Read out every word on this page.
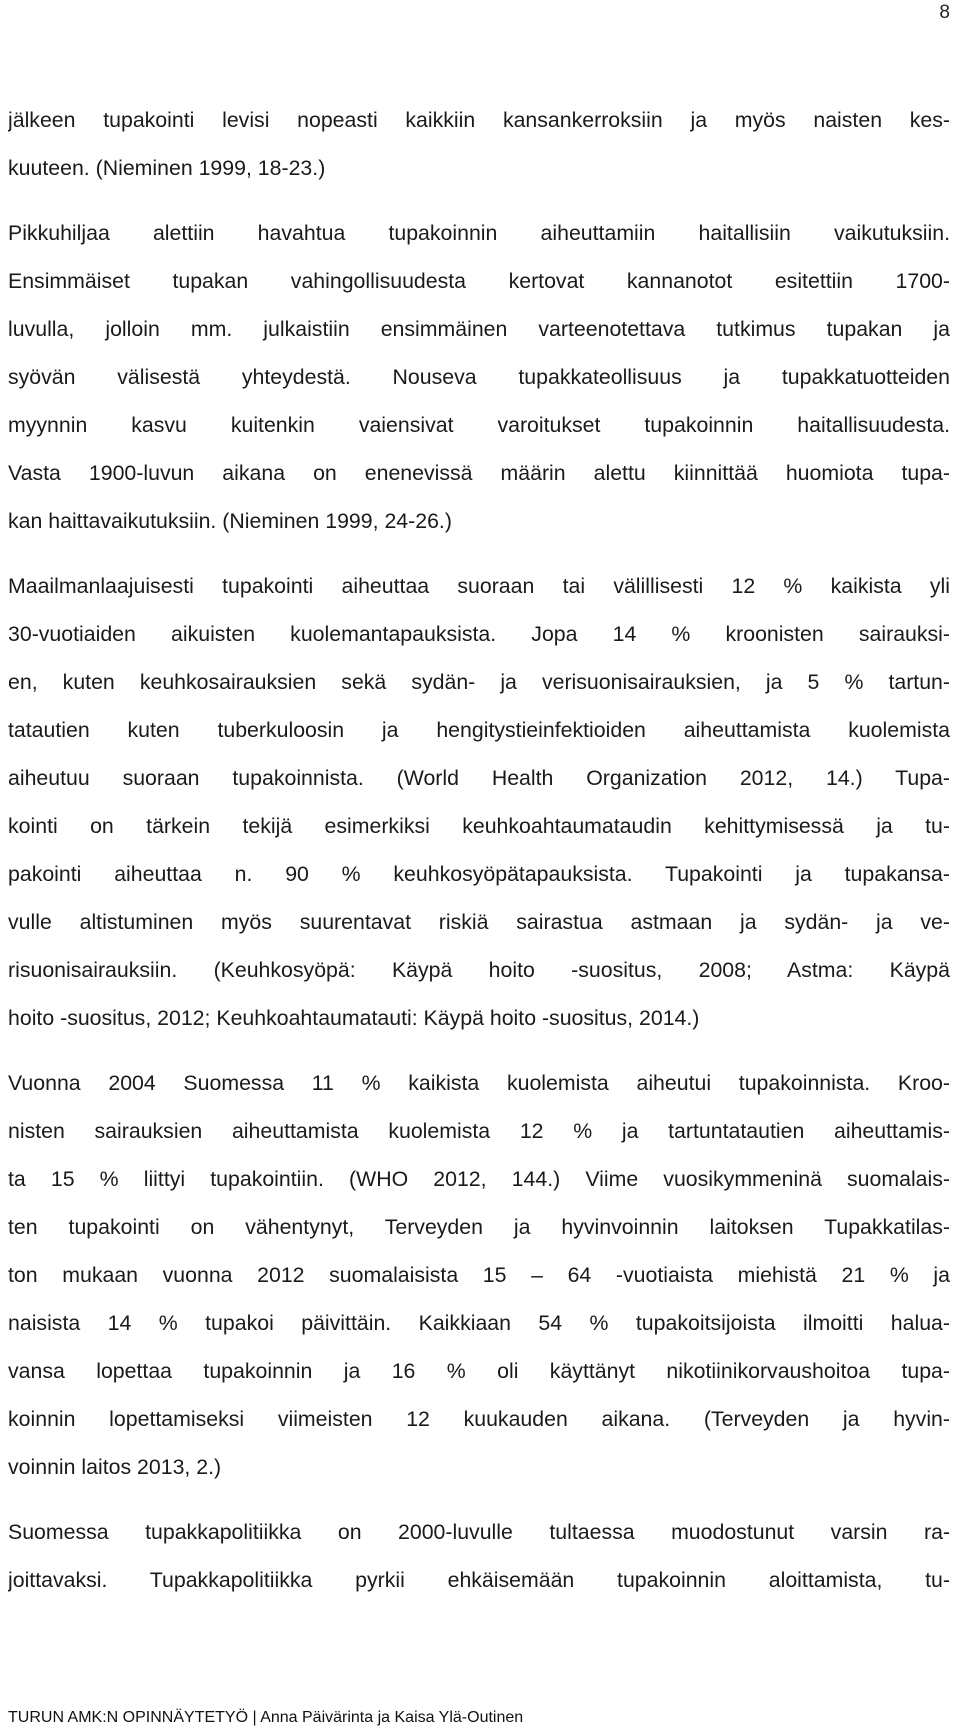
8
jälkeen tupakointi levisi nopeasti kaikkiin kansankerroksiin ja myös naisten kes-
kuuteen. (Nieminen 1999, 18-23.)
Pikkuhiljaa alettiin havahtua tupakoinnin aiheuttamiin haitallisiin vaikutuksiin.
Ensimmäiset tupakan vahingollisuudesta kertovat kannanotot esitettiin 1700-
luvulla, jolloin mm. julkaistiin ensimmäinen varteenotettava tutkimus tupakan ja
syövän välisestä yhteydestä. Nouseva tupakkateollisuus ja tupakkatuotteiden
myynnin kasvu kuitenkin vaiensivat varoitukset tupakoinnin haitallisuudesta.
Vasta 1900-luvun aikana on enenevissä määrin alettu kiinnittää huomiota tupa-
kan haittavaikutuksiin. (Nieminen 1999, 24-26.)
Maailmanlaajuisesti tupakointi aiheuttaa suoraan tai välillisesti 12 % kaikista yli
30-vuotiaiden aikuisten kuolemantapauksista. Jopa 14 % kroonisten sairauksi-
en, kuten keuhkosairauksien sekä sydän- ja verisuonisairauksien, ja 5 % tartun-
tatautien kuten tuberkuloosin ja hengitystieinfektioiden aiheuttamista kuolemista
aiheutuu suoraan tupakoinnista. (World Health Organization 2012, 14.) Tupa-
kointi on tärkein tekijä esimerkiksi keuhkoahtaumataudin kehittymisessä ja tu-
pakointi aiheuttaa n. 90 % keuhkosyöpätapauksista. Tupakointi ja tupakansa-
vulle altistuminen myös suurentavat riskiä sairastua astmaan ja sydän- ja ve-
risuonisairauksiin. (Keuhkosyöpä: Käypä hoito -suositus, 2008; Astma: Käypä
hoito -suositus, 2012; Keuhkoahtaumatauti: Käypä hoito -suositus, 2014.)
Vuonna 2004 Suomessa 11 % kaikista kuolemista aiheutui tupakoinnista. Kroo-
nisten sairauksien aiheuttamista kuolemista 12 % ja tartuntatautien aiheuttamis-
ta 15 % liittyi tupakointiin. (WHO 2012, 144.) Viime vuosikymmeninä suomalais-
ten tupakointi on vähentynyt, Terveyden ja hyvinvoinnin laitoksen Tupakkatilas-
ton mukaan vuonna 2012 suomalaisista 15 – 64 -vuotiaista miehistä 21 % ja
naisista 14 % tupakoi päivittäin. Kaikkiaan 54 % tupakoitsijoista ilmoitti halua-
vansa lopettaa tupakoinnin ja 16 % oli käyttänyt nikotiinikorvaushoitoa tupa-
koinnin lopettamiseksi viimeisten 12 kuukauden aikana. (Terveyden ja hyvin-
voinnin laitos 2013, 2.)
Suomessa tupakkapolitiikka on 2000-luvulle tultaessa muodostunut varsin ra-
joittavaksi. Tupakkapolitiikka pyrkii ehkäisemään tupakoinnin aloittamista, tu-
TURUN AMK:N OPINNÄYTETYÖ | Anna Päivärinta ja Kaisa Ylä-Outinen
